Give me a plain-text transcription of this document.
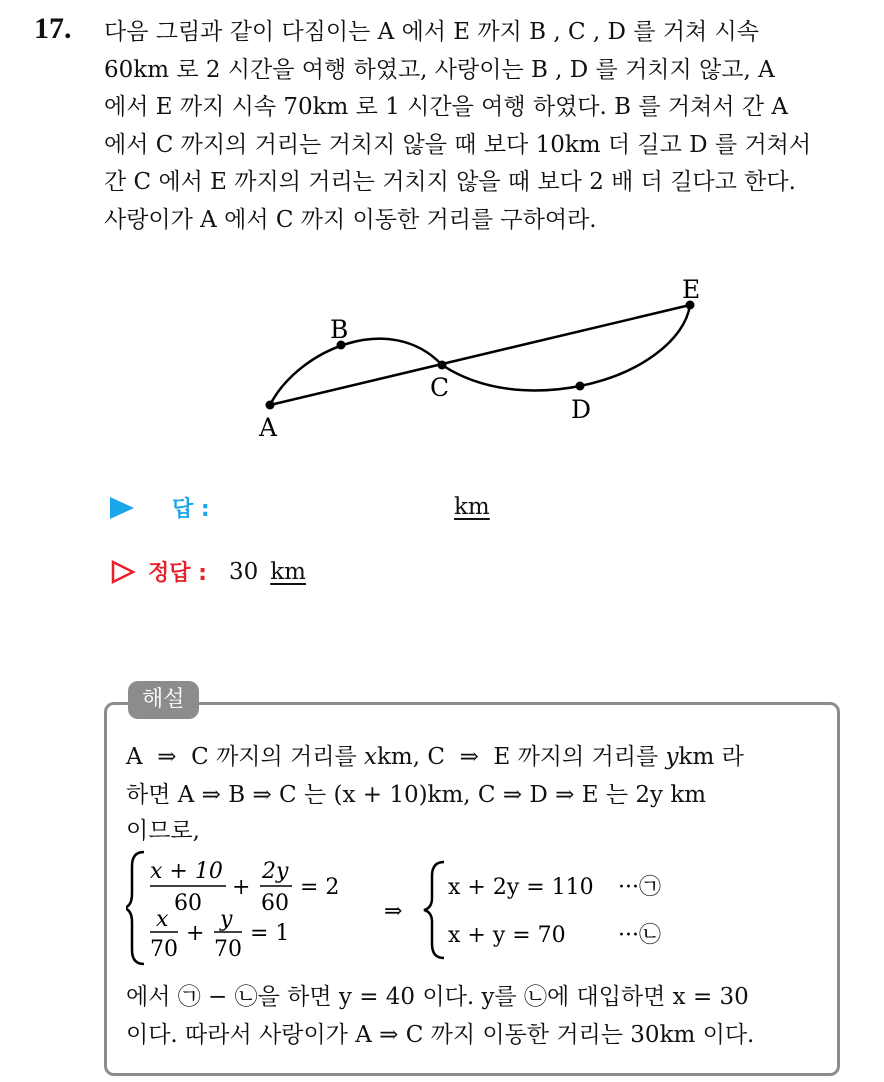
17. 다음 그림과 같이 다짐이는 A 에서 E 까지 B , C , D 를 거쳐 시속
60km 로 2 시간을 여행 하였고, 사랑이는 B , D 를 거치지 않고, A
에서 E 까지 시속 70km 로 1 시간을 여행 하였다. B 를 거쳐서 간 A
에서 C 까지의 거리는 거치지 않을 때 보다 10km 더 길고 D 를 거쳐서
간 C 에서 E 까지의 거리는 거치지 않을 때 보다 2 배 더 길다고 한다.
사랑이가 A 에서 C 까지 이동한 거리를 구하여라.
A
B
C
D
E
답 :	km
정답 : 30 km
해설
A ⇒ C 까지의 거리를 xkm, C ⇒ E 까지의 거리를 ykm 라
하면 A ⇒ B ⇒ C 는 (x + 10)km, C ⇒ D ⇒ E 는 2y km
이므로,
x + 10
60
+
2y
60
= 2
x
70
+
y
70
= 1
⇒
x + 2y = 110 ···㉠
x + y = 70 ···㉡
에서 ㉠ − ㉡을 하면 y = 40 이다. y를 ㉡에 대입하면 x = 30
이다. 따라서 사랑이가 A ⇒ C 까지 이동한 거리는 30km 이다.
